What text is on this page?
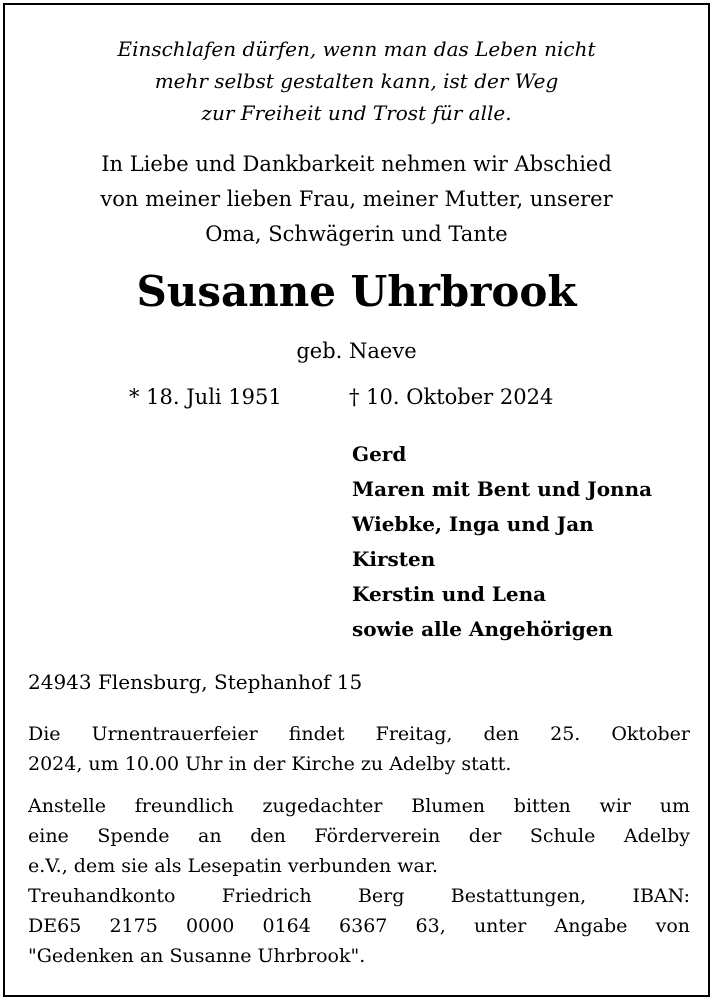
Einschlafen dürfen, wenn man das Leben nicht
mehr selbst gestalten kann, ist der Weg
zur Freiheit und Trost für alle.
In Liebe und Dankbarkeit nehmen wir Abschied
von meiner lieben Frau, meiner Mutter, unserer
Oma, Schwägerin und Tante
Susanne Uhrbrook

geb. Naeve

* 18. Juli 1951	† 10. Oktober 2024

Gerd
Maren mit Bent und Jonna
Wiebke, Inga und Jan
Kirsten
Kerstin und Lena
sowie alle Angehörigen

24943 Flensburg, Stephanhof 15

Die Urnentrauerfeier findet Freitag, den 25. Oktober
2024, um 10.00 Uhr in der Kirche zu Adelby statt.
Anstelle freundlich zugedachter Blumen bitten wir um
eine Spende an den Förderverein der Schule Adelby
e.V., dem sie als Lesepatin verbunden war.
Treuhandkonto Friedrich Berg Bestattungen, IBAN:
DE65 2175 0000 0164 6367 63, unter Angabe von
"Gedenken an Susanne Uhrbrook".
